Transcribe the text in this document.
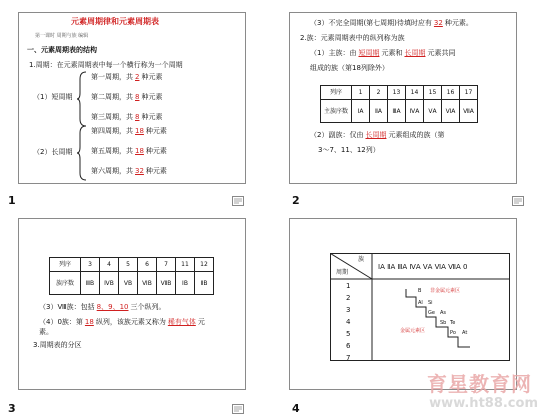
元素周期律和元素周期表
第一课时 周期与族 编辑
一、元素周期表的结构
1.周期：在元素周期表中每一个横行称为一个周期
（1）短周期
第一周期，共 2 种元素
第二周期，共 8 种元素
第三周期，共 8 种元素
（2）长周期
第四周期，共 18 种元素
第五周期，共 18 种元素
第六周期，共 32 种元素
1
（3）不完全周期(第七周期)待填时应有 32 种元素。
2.族：元素周期表中的纵列称为族
（1）主族：由 短周期 元素和 长周期 元素共同
组成的族（第18列除外）
列序	1	2	13	14	15	16	17
主族序数	ⅠA	ⅡA	ⅢA	ⅣA	ⅤA	ⅥA	ⅦA
（2）副族：仅由 长周期 元素组成的族（第
3～7、11、12列）
2
列序	3	4	5	6	7	11	12
族序数	ⅢB	ⅣB	ⅤB	ⅥB	ⅦB	ⅠB	ⅡB
（3）Ⅷ族：包括 8、9、10 三个纵列。
（4）0族：第 18 纵列，该族元素又称为 稀有气体 元
素。
3.周期表的分区
3
族
周期
ⅠA ⅡA ⅢA ⅣA ⅤA ⅥA ⅦA 0
1
2
3
4
5
6
7
B
Al Si
Ge As
Sb Te
Po At
非金属元素区
金属元素区
4
育星教育网
www.ht88.com
